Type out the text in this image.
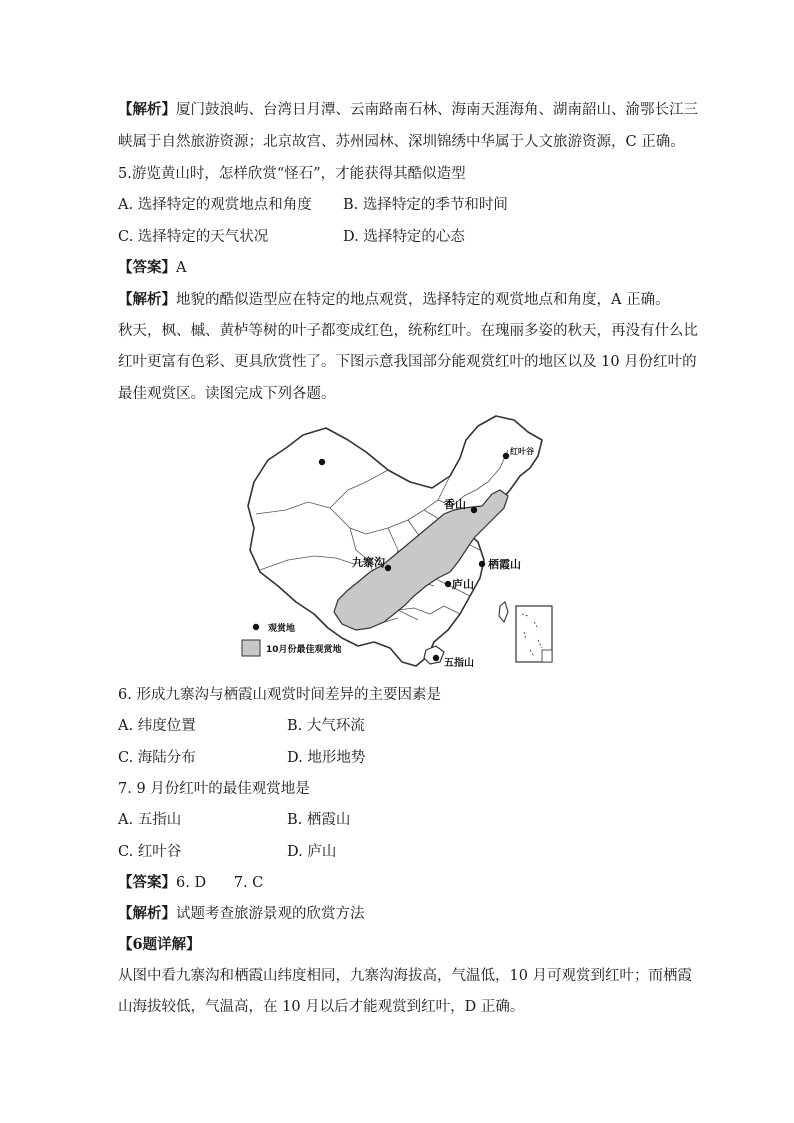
【解析】厦门鼓浪屿、台湾日月潭、云南路南石林、海南天涯海角、湖南韶山、渝鄂长江三
峡属于自然旅游资源；北京故宫、苏州园林、深圳锦绣中华属于人文旅游资源，C 正确。
5.游览黄山时，怎样欣赏“怪石”，才能获得其酷似造型
A. 选择特定的观赏地点和角度 B. 选择特定的季节和时间
C. 选择特定的天气状况	D. 选择特定的心态
【答案】A
【解析】地貌的酷似造型应在特定的地点观赏，选择特定的观赏地点和角度，A 正确。
秋天，枫、槭、黄栌等树的叶子都变成红色，统称红叶。在瑰丽多姿的秋天，再没有什么比
红叶更富有色彩、更具欣赏性了。下图示意我国部分能观赏红叶的地区以及 10 月份红叶的
最佳观赏区。读图完成下列各题。
红叶谷
香山
九寨沟	栖霞山
庐山
五指山
观赏地
10月份最佳观赏地
6. 形成九寨沟与栖霞山观赏时间差异的主要因素是
A. 纬度位置	B. 大气环流
C. 海陆分布	D. 地形地势
7. 9 月份红叶的最佳观赏地是
A. 五指山	B. 栖霞山
C. 红叶谷	D. 庐山
【答案】6. D      7. C
【解析】试题考查旅游景观的欣赏方法
【6题详解】
从图中看九寨沟和栖霞山纬度相同，九寨沟海拔高，气温低，10 月可观赏到红叶；而栖霞
山海拔较低，气温高，在 10 月以后才能观赏到红叶，D 正确。
